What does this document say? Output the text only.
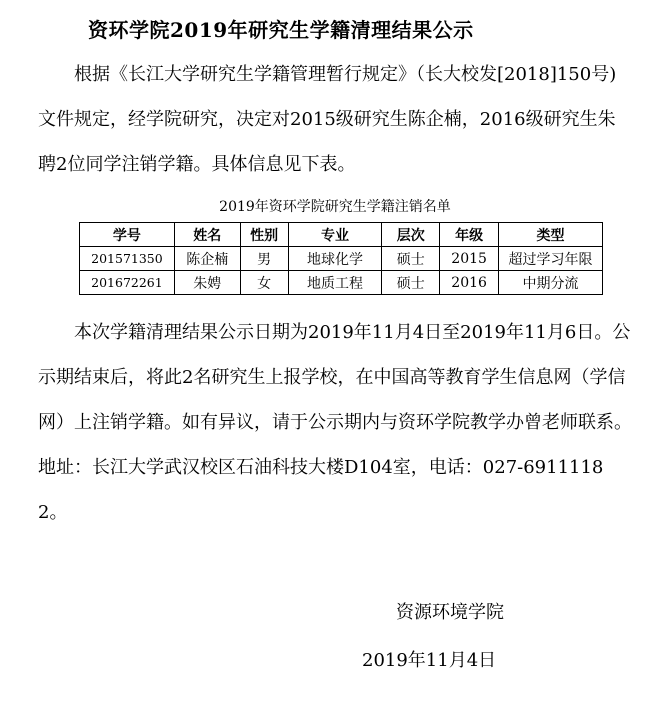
资环学院2019年研究生学籍清理结果公示

根据《长江大学研究生学籍管理暂行规定》（长大校发[2018]150号)文件规定，经学院研究，决定对2015级研究生陈企楠，2016级研究生朱聘2位同学注销学籍。具体信息见下表。

2019年资环学院研究生学籍注销名单
学号	姓名	性别	专业	层次	年级	类型
201571350	陈企楠	男	地球化学	硕士	2015	超过学习年限
201672261	朱娉	女	地质工程	硕士	2016	中期分流

本次学籍清理结果公示日期为2019年11月4日至2019年11月6日。公示期结束后，将此2名研究生上报学校，在中国高等教育学生信息网（学信网）上注销学籍。如有异议，请于公示期内与资环学院教学办曾老师联系。地址：长江大学武汉校区石油科技大楼D104室，电话：027-69111182。

资源环境学院
2019年11月4日
